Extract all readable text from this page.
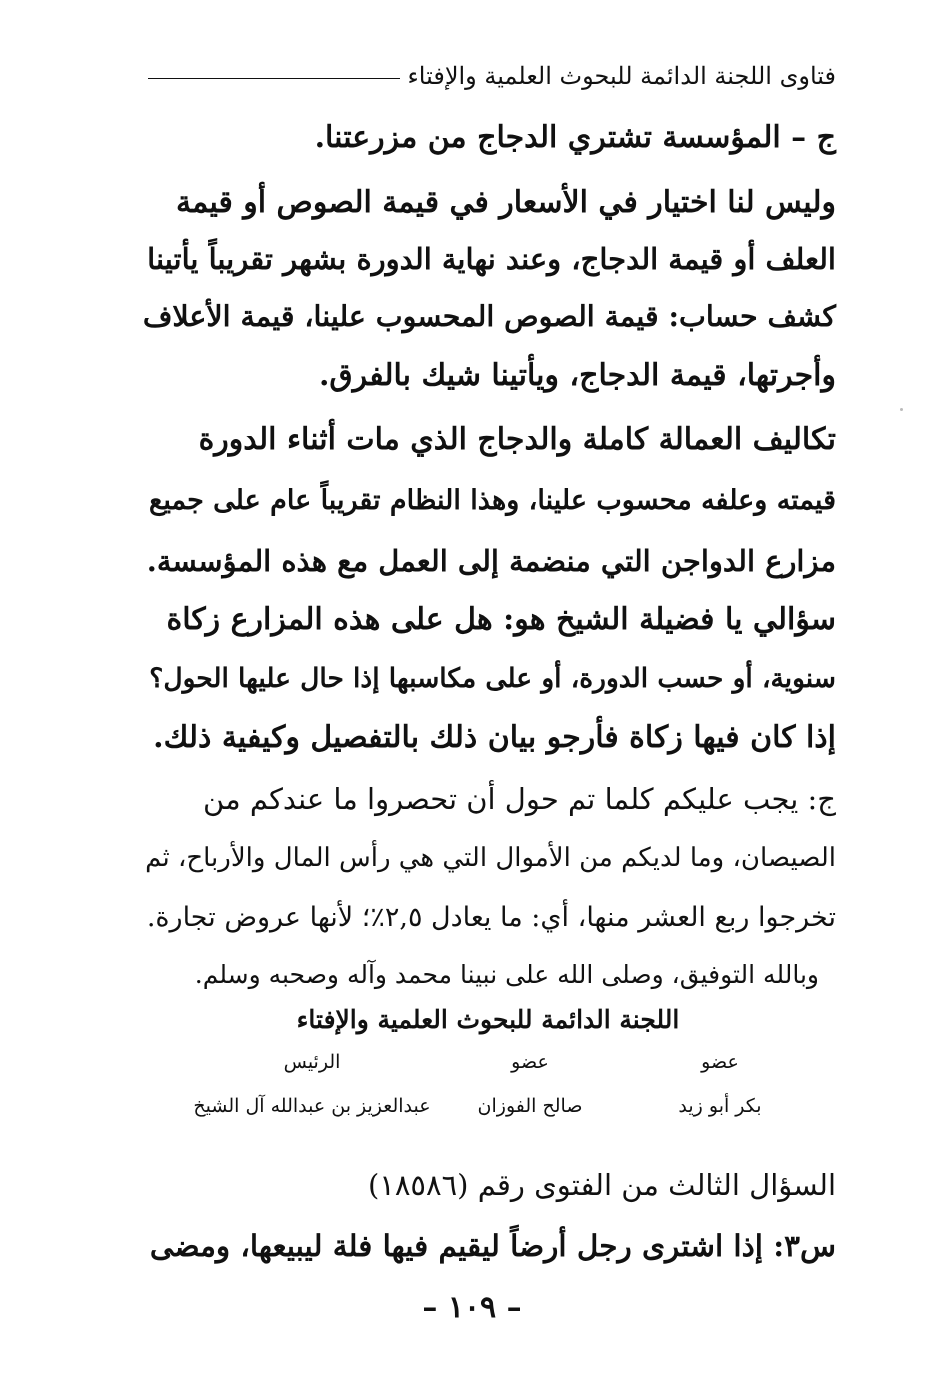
فتاوى اللجنة الدائمة للبحوث العلمية والإفتاء
ج – المؤسسة تشتري الدجاج من مزرعتنا.
وليس لنا اختيار في الأسعار في قيمة الصوص أو قيمة
العلف أو قيمة الدجاج، وعند نهاية الدورة بشهر تقريباً يأتينا
كشف حساب: قيمة الصوص المحسوب علينا، قيمة الأعلاف
وأجرتها، قيمة الدجاج، ويأتينا شيك بالفرق.
تكاليف العمالة كاملة والدجاج الذي مات أثناء الدورة
قيمته وعلفه محسوب علينا، وهذا النظام تقريباً عام على جميع
مزارع الدواجن التي منضمة إلى العمل مع هذه المؤسسة.
سؤالي يا فضيلة الشيخ هو: هل على هذه المزارع زكاة
سنوية، أو حسب الدورة، أو على مكاسبها إذا حال عليها الحول؟
إذا كان فيها زكاة فأرجو بيان ذلك بالتفصيل وكيفية ذلك.
ج: يجب عليكم كلما تم حول أن تحصروا ما عندكم من
الصيصان، وما لديكم من الأموال التي هي رأس المال والأرباح، ثم
تخرجوا ربع العشر منها، أي: ما يعادل ٢,٥٪؛ لأنها عروض تجارة.
وبالله التوفيق، وصلى الله على نبينا محمد وآله وصحبه وسلم.
اللجنة الدائمة للبحوث العلمية والإفتاء
الرئيس
عبدالعزيز بن عبدالله آل الشيخ
عضو
صالح الفوزان
عضو
بكر أبو زيد
السؤال الثالث من الفتوى رقم (١٨٥٨٦)
س٣: إذا اشترى رجل أرضاً ليقيم فيها فلة ليبيعها، ومضى
– ١٠٩ –
